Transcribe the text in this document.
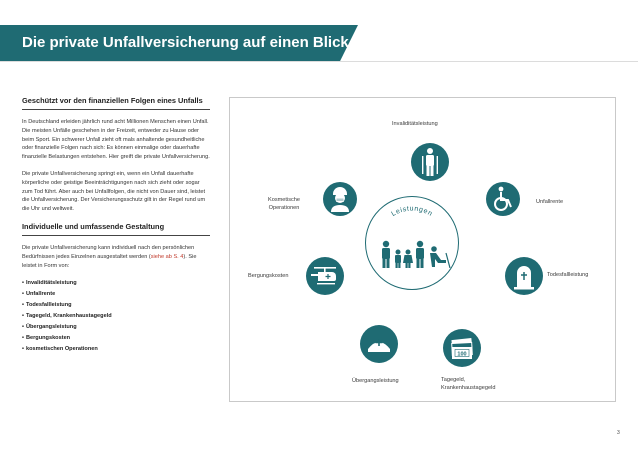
Die private Unfallversicherung auf einen Blick
Geschützt vor den finanziellen Folgen eines Unfalls

In Deutschland erleiden jährlich rund acht Millionen Menschen einen Unfall. Die meisten Unfälle geschehen in der Freizeit, entweder zu Hause oder beim Sport. Ein schwerer Unfall zieht oft mals anhaltende gesundheitliche oder finanzielle Folgen nach sich: Es können einmalige oder dauerhafte finanzielle Belastungen entstehen. Hier greift die private Unfallversicherung.

Die private Unfallversicherung springt ein, wenn ein Unfall dauerhafte körperliche oder geistige Beeinträchtigungen nach sich zieht oder sogar zum Tod führt. Aber auch bei Unfallfolgen, die nicht von Dauer sind, leistet die Unfallversicherung. Der Versicherungsschutz gilt in der Regel rund um die Uhr und weltweit.

Individuelle und umfassende Gestaltung

Die private Unfallversicherung kann individuell nach den persönlichen Bedürfnissen jedes Einzelnen ausgestaltet werden (siehe ab S. 4). Sie leistet in Form von:

• Invaliditätsleistung
• Unfallrente
• Todesfallleistung
• Tagegeld, Krankenhaustagegeld
• Übergangsleistung
• Bergungskosten
• kosmetischen Operationen
Leistungen
Invaliditätsleistung
Unfallrente
Todesfallleistung
100
Tagegeld,
Krankenhaustagegeld
Übergangsleistung
Bergungskosten
Kosmetische
Operationen
3
